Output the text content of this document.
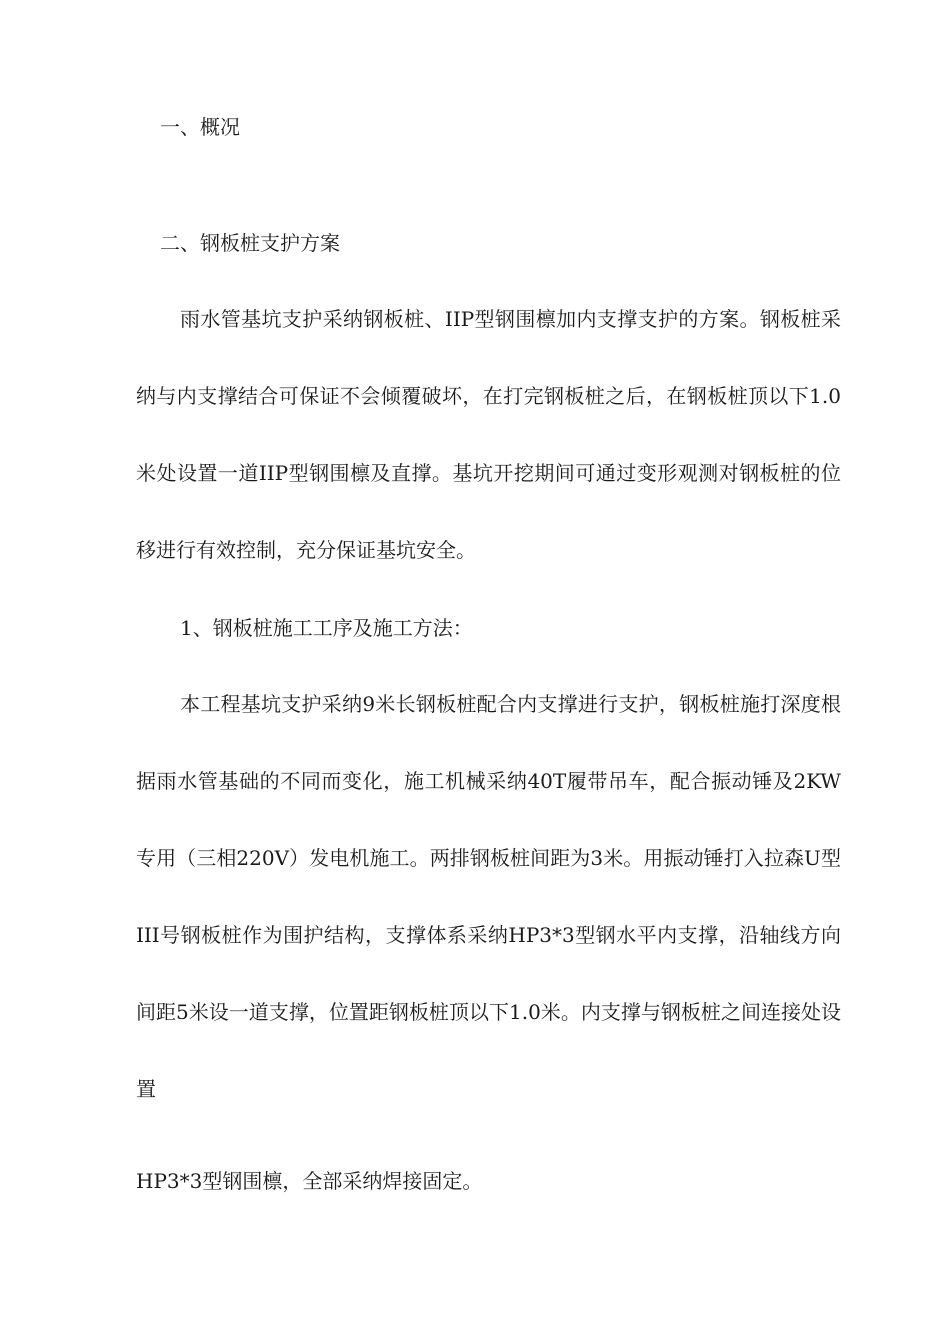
一、概况
二、钢板桩支护方案

雨水管基坑支护采纳钢板桩、IIP型钢围檩加内支撑支护的方案。钢板桩采纳与内支撑结合可保证不会倾覆破坏，在打完钢板桩之后，在钢板桩顶以下1.0米处设置一道IIP型钢围檩及直撑。基坑开挖期间可通过变形观测对钢板桩的位移进行有效控制，充分保证基坑安全。

1、钢板桩施工工序及施工方法：

本工程基坑支护采纳9米长钢板桩配合内支撑进行支护，钢板桩施打深度根据雨水管基础的不同而变化，施工机械采纳40T履带吊车，配合振动锤及2KW专用（三相220V）发电机施工。两排钢板桩间距为3米。用振动锤打入拉森U型III号钢板桩作为围护结构，支撑体系采纳HP3*3型钢水平内支撑，沿轴线方向间距5米设一道支撑，位置距钢板桩顶以下1.0米。内支撑与钢板桩之间连接处设置

HP3*3型钢围檩，全部采纳焊接固定。
